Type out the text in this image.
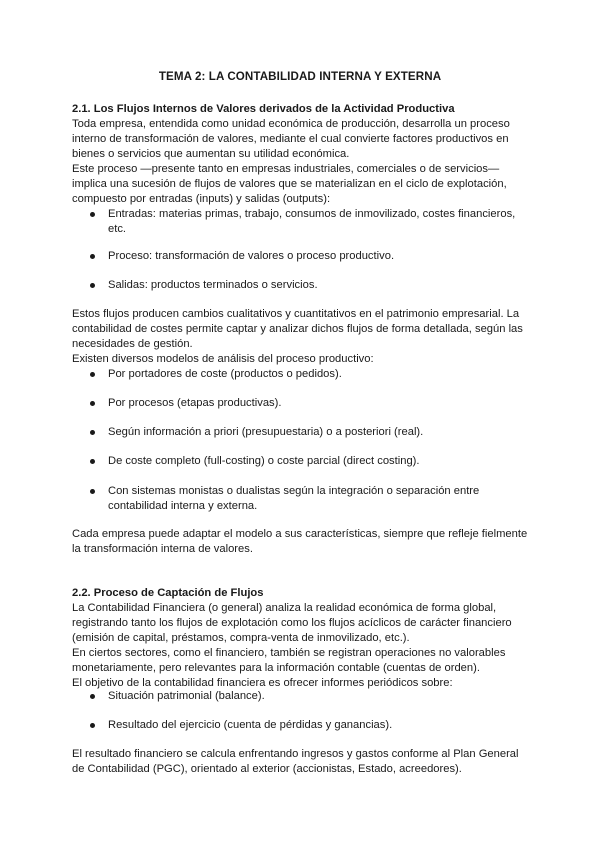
TEMA 2: LA CONTABILIDAD INTERNA Y EXTERNA
2.1. Los Flujos Internos de Valores derivados de la Actividad Productiva
Toda empresa, entendida como unidad económica de producción, desarrolla un proceso interno de transformación de valores, mediante el cual convierte factores productivos en bienes o servicios que aumentan su utilidad económica.
Este proceso —presente tanto en empresas industriales, comerciales o de servicios— implica una sucesión de flujos de valores que se materializan en el ciclo de explotación, compuesto por entradas (inputs) y salidas (outputs):
Entradas: materias primas, trabajo, consumos de inmovilizado, costes financieros, etc.
Proceso: transformación de valores o proceso productivo.
Salidas: productos terminados o servicios.
Estos flujos producen cambios cualitativos y cuantitativos en el patrimonio empresarial. La contabilidad de costes permite captar y analizar dichos flujos de forma detallada, según las necesidades de gestión.
Existen diversos modelos de análisis del proceso productivo:
Por portadores de coste (productos o pedidos).
Por procesos (etapas productivas).
Según información a priori (presupuestaria) o a posteriori (real).
De coste completo (full-costing) o coste parcial (direct costing).
Con sistemas monistas o dualistas según la integración o separación entre contabilidad interna y externa.
Cada empresa puede adaptar el modelo a sus características, siempre que refleje fielmente la transformación interna de valores.
2.2. Proceso de Captación de Flujos
La Contabilidad Financiera (o general) analiza la realidad económica de forma global, registrando tanto los flujos de explotación como los flujos acíclicos de carácter financiero (emisión de capital, préstamos, compra-venta de inmovilizado, etc.).
En ciertos sectores, como el financiero, también se registran operaciones no valorables monetariamente, pero relevantes para la información contable (cuentas de orden).
El objetivo de la contabilidad financiera es ofrecer informes periódicos sobre:
Situación patrimonial (balance).
Resultado del ejercicio (cuenta de pérdidas y ganancias).
El resultado financiero se calcula enfrentando ingresos y gastos conforme al Plan General de Contabilidad (PGC), orientado al exterior (accionistas, Estado, acreedores).
